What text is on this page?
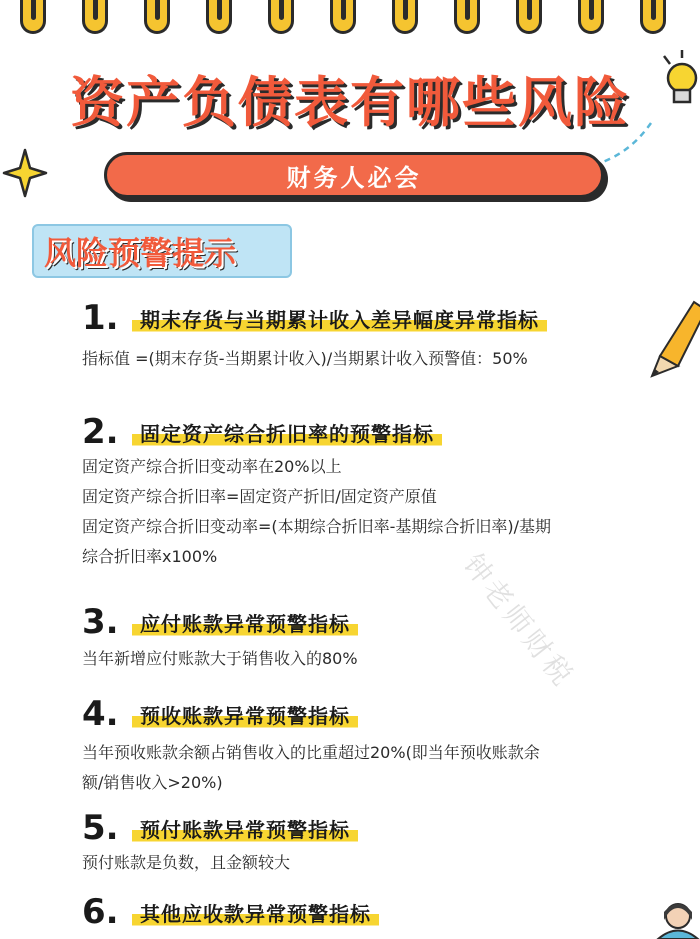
资产负债表有哪些风险
财务人必会
风险预警提示
1.	期末存货与当期累计收入差异幅度异常指标

指标值 =(期末存货-当期累计收入)/当期累计收入预警值：50%

2.	固定资产综合折旧率的预警指标

固定资产综合折旧变动率在20%以上

固定资产综合折旧率=固定资产折旧/固定资产原值

固定资产综合折旧变动率=(本期综合折旧率-基期综合折旧率)/基期

综合折旧率x100%

3.	应付账款异常预警指标

当年新增应付账款大于销售收入的80%

4.	预收账款异常预警指标

当年预收账款余额占销售收入的比重超过20%(即当年预收账款余

额/销售收入>20%)

5.	预付账款异常预警指标

预付账款是负数，且金额较大

6.	其他应收款异常预警指标
钟老师财税
